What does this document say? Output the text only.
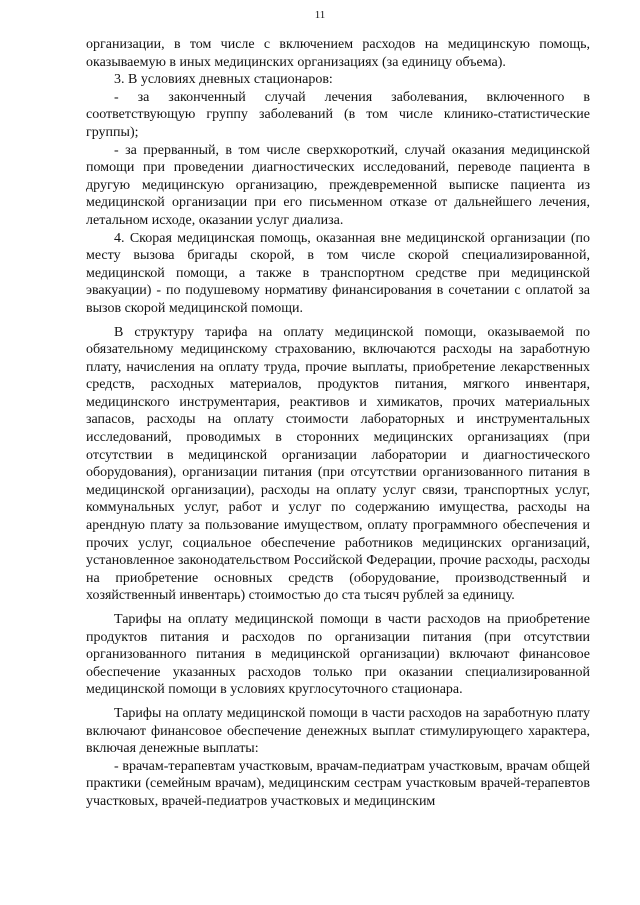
11

организации, в том числе с включением расходов на медицинскую помощь, оказываемую в иных медицинских организациях (за единицу объема).

3. В условиях дневных стационаров:

- за законченный случай лечения заболевания, включенного в соответствующую группу заболеваний (в том числе клинико-статистические группы);

- за прерванный, в том числе сверхкороткий, случай оказания медицинской помощи при проведении диагностических исследований, переводе пациента в другую медицинскую организацию, преждевременной выписке пациента из медицинской организации при его письменном отказе от дальнейшего лечения, летальном исходе, оказании услуг диализа.

4. Скорая медицинская помощь, оказанная вне медицинской организации (по месту вызова бригады скорой, в том числе скорой специализированной, медицинской помощи, а также в транспортном средстве при медицинской эвакуации) - по подушевому нормативу финансирования в сочетании с оплатой за вызов скорой медицинской помощи.

В структуру тарифа на оплату медицинской помощи, оказываемой по обязательному медицинскому страхованию, включаются расходы на заработную плату, начисления на оплату труда, прочие выплаты, приобретение лекарственных средств, расходных материалов, продуктов питания, мягкого инвентаря, медицинского инструментария, реактивов и химикатов, прочих материальных запасов, расходы на оплату стоимости лабораторных и инструментальных исследований, проводимых в сторонних медицинских организациях (при отсутствии в медицинской организации лаборатории и диагностического оборудования), организации питания (при отсутствии организованного питания в медицинской организации), расходы на оплату услуг связи, транспортных услуг, коммунальных услуг, работ и услуг по содержанию имущества, расходы на арендную плату за пользование имуществом, оплату программного обеспечения и прочих услуг, социальное обеспечение работников медицинских организаций, установленное законодательством Российской Федерации, прочие расходы, расходы на приобретение основных средств (оборудование, производственный и хозяйственный инвентарь) стоимостью до ста тысяч рублей за единицу.

Тарифы на оплату медицинской помощи в части расходов на приобретение продуктов питания и расходов по организации питания (при отсутствии организованного питания в медицинской организации) включают финансовое обеспечение указанных расходов только при оказании специализированной медицинской помощи в условиях круглосуточного стационара.

Тарифы на оплату медицинской помощи в части расходов на заработную плату включают финансовое обеспечение денежных выплат стимулирующего характера, включая денежные выплаты:

- врачам-терапевтам участковым, врачам-педиатрам участковым, врачам общей практики (семейным врачам), медицинским сестрам участковым врачей-терапевтов участковых, врачей-педиатров участковых и медицинским
